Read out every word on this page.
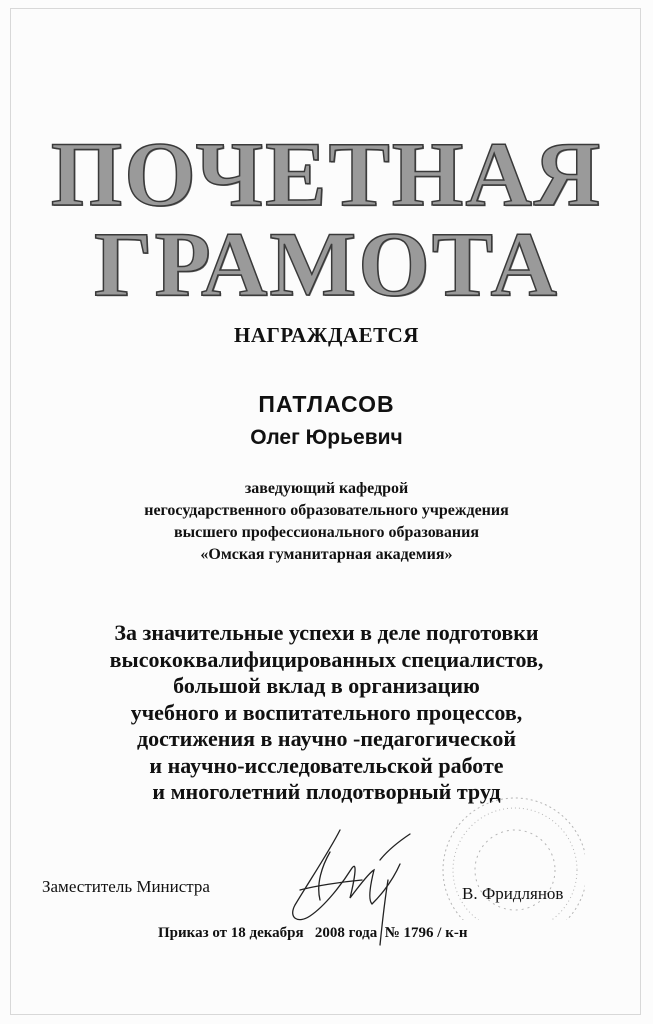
ПОЧЕТНАЯ
ГРАМОТА
НАГРАЖДАЕТСЯ
ПАТЛАСОВ
Олег Юрьевич
заведующий кафедрой
негосударственного образовательного учреждения
высшего профессионального образования
«Омская гуманитарная академия»
За значительные успехи в деле подготовки
высококвалифицированных специалистов,
большой вклад в организацию
учебного и воспитательного процессов,
достижения в научно -педагогической
и научно-исследовательской работе
и многолетний плодотворный труд
Заместитель Министра	В. Фридлянов
Приказ от 18 декабря   2008 года  № 1796 / к-н
